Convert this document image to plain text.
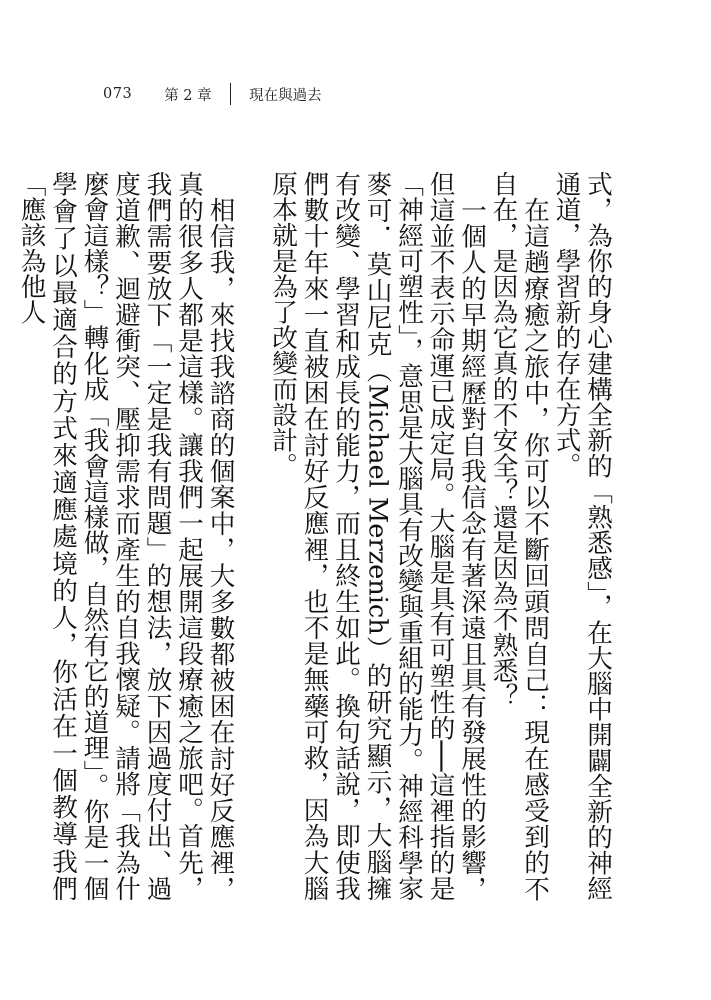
073 第 2 章	現在與過去

式，為你的身心建構全新的「熟悉感」，在大腦中開闢全新的神經通道，學習新的存在方式。

在這趟療癒之旅中，你可以不斷回頭問自己：現在感受到的不自在，是因為它真的不安全？還是因為不熟悉？

一個人的早期經歷對自我信念有著深遠且具有發展性的影響，但這並不表示命運已成定局。大腦是具有可塑性的──這裡指的是「神經可塑性」，意思是大腦具有改變與重組的能力。神經科學家麥可．莫山尼克（Michael Merzenich）的研究顯示，大腦擁有改變、學習和成長的能力，而且終生如此。換句話說，即使我們數十年來一直被困在討好反應裡，也不是無藥可救，因為大腦原本就是為了改變而設計。

相信我，來找我諮商的個案中，大多數都被困在討好反應裡，真的很多人都是這樣。讓我們一起展開這段療癒之旅吧。首先，我們需要放下「一定是我有問題」的想法，放下因過度付出、過度道歉、迴避衝突、壓抑需求而產生的自我懷疑。請將「我為什麼會這樣？」轉化成「我會這樣做，自然有它的道理」。你是一個學會了以最適合的方式來適應處境的人，你活在一個教導我們「應該為他人
